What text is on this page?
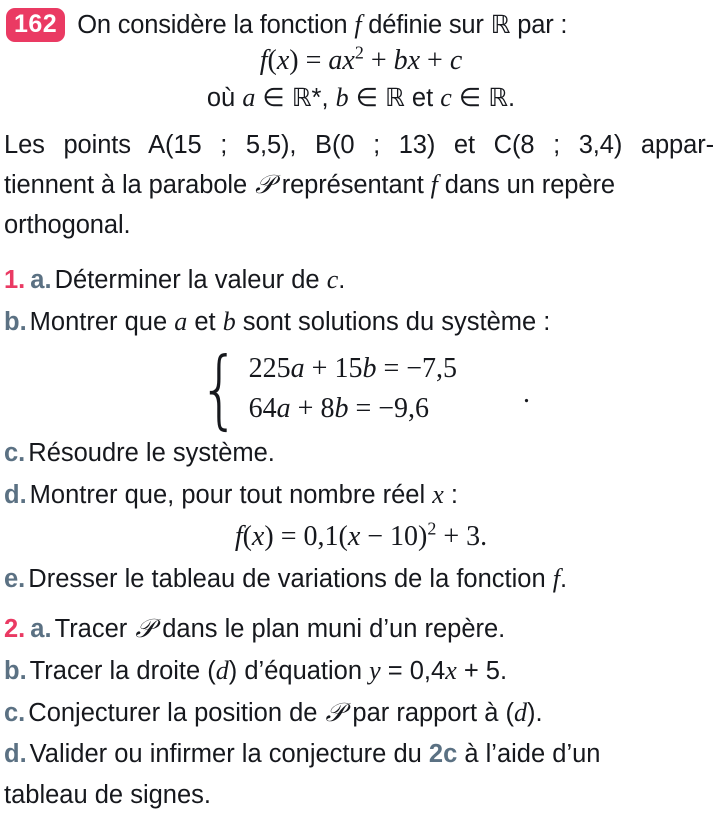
162 On considère la fonction f définie sur ℝ par :
$f(x) = ax^2$ + bx + c
où a ∈ ℝ*, b ∈ ℝ et c ∈ ℝ.
Les points A(15 ; 5,5), B(0 ; 13) et C(8 ; 3,4) appar-
tiennent à la parabole 𝒫 représentant f dans un repère
orthogonal.
1. a. Déterminer la valeur de c.
b. Montrer que a et b sont solutions du système :
{ 225a + 15b = −7,5
64a + 8b = −9,6	.
c. Résoudre le système.
d. Montrer que, pour tout nombre réel x :
$f(x) = 0,1(x - 10)^2 + 3$.
e. Dresser le tableau de variations de la fonction f.
2. a. Tracer 𝒫 dans le plan muni d’un repère.
b. Tracer la droite (d) d’équation y = 0,4x + 5.
c. Conjecturer la position de 𝒫 par rapport à (d).
d. Valider ou infirmer la conjecture du 2c à l’aide d’un
tableau de signes.
